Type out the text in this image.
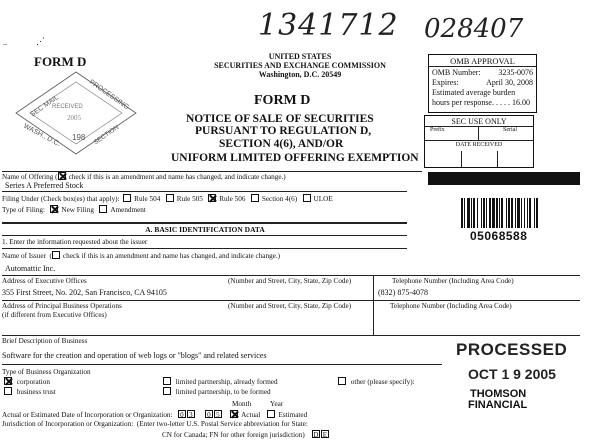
1341712 028407
..	⋰
FORM D	UNITED STATES
SECURITIES AND EXCHANGE COMMISSION
Washington, D.C. 20549
FORM D
NOTICE OF SALE OF SECURITIES
PURSUANT TO REGULATION D,
SECTION 4(6), AND/OR
UNIFORM LIMITED OFFERING EXEMPTION
SEC MAIL	PROCESSING
RECEIVED
2005
WASH., D.C. 198 SECTION
OMB APPROVAL
OMB Number: 3235-0076
Expires:	April 30, 2008
Estimated average burden
hours per response. . . . . 16.00
SEC USE ONLY
Prefix	Serial
DATE RECEIVED
Name of Offering ( check if this is an amendment and name has changed, and indicate change.)
Series A Preferred Stock
Filing Under (Check box(es) that apply): Rule 504 Rule 505 Rule 506 Section 4(6) ULOE
Type of Filing: New Filing Amendment
05068588
A. BASIC IDENTIFICATION DATA
1. Enter the information requested about the issuer
Name of Issuer ( check if this is an amendment and name has changed, and indicate change.)
Automattic Inc.
Address of Executive Offices	(Number and Street, City, State, Zip Code)	Telephone Number (Including Area Code)
355 First Street, No. 202, San Francisco, CA 94105	(832) 875-4078
Address of Principal Business Operations
(if different from Executive Offices)
(Number and Street, City, State, Zip Code)	Telephone Number (Including Area Code)
Brief Description of Business
Software for the creation and operation of web logs or "blogs" and related services	PROCESSED
Type of Business Organization
corporation
business trust
limited partnership, already formed
limited partnership, to be formed
other (please specify):	OCT 1 9 2005
THOMSON
FINANCIAL
Month	Year
Actual or Estimated Date of Incorporation or Organization: 0 3 0 5	Actual	Estimated
Jurisdiction of Incorporation or Organization: (Enter two-letter U.S. Postal Service abbreviation for State:
CN for Canada; FN for other foreign jurisdiction) D E
